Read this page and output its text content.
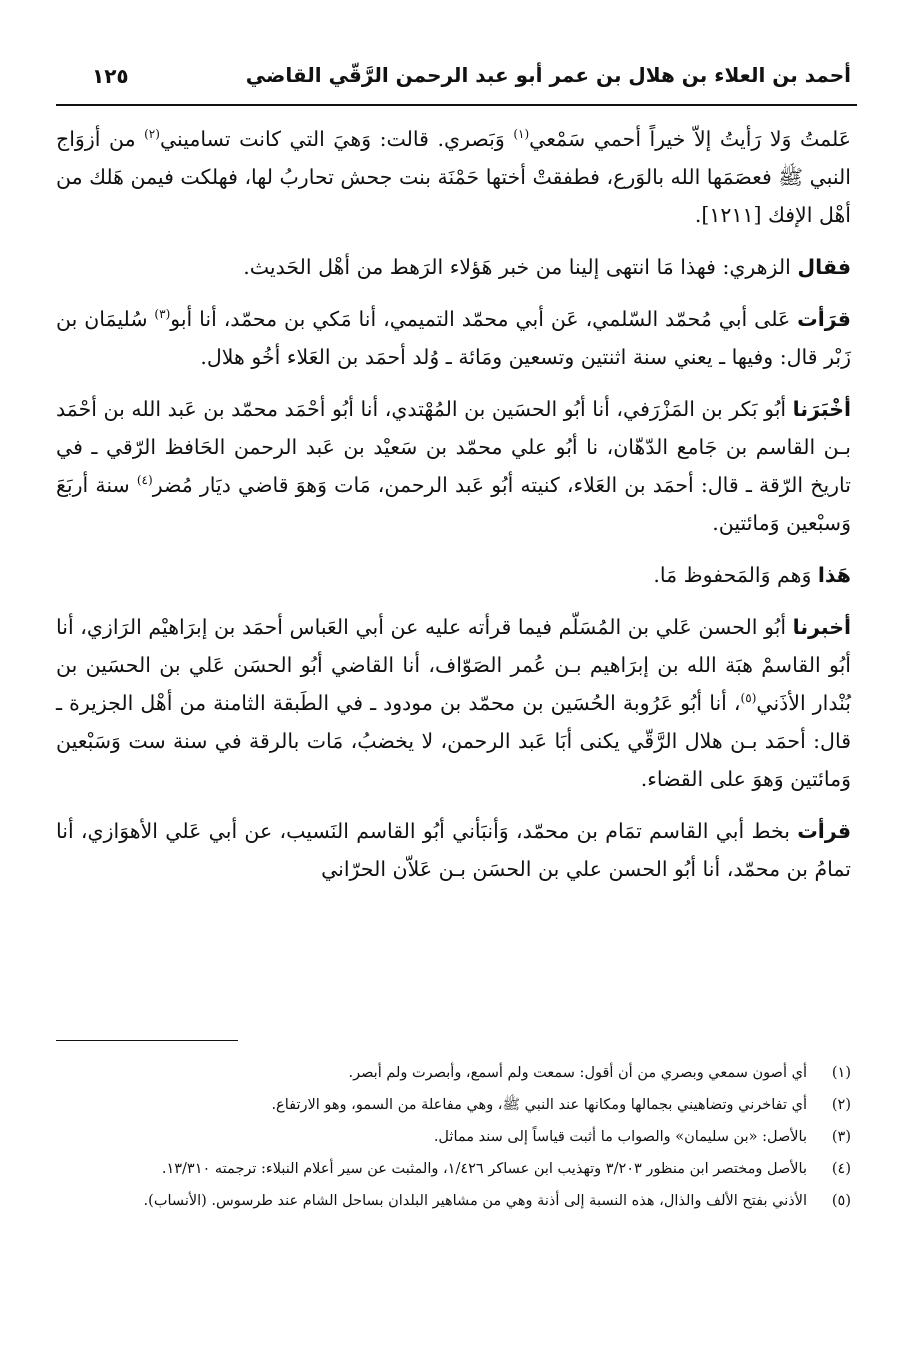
أحمد بن العلاء بن هلال بن عمر أبو عبد الرحمن الرَّقّي القاضي
١٢٥

عَلمتُ وَلا رَأيتُ إلاّ خيراً أحمي سَمْعي$^{(١)}$ وَبَصري. قالت: وَهيَ التي كانت تساميني$^{(٢)}$ من أزوَاج النبي ﷺ فعصَمَها الله بالوَرع، فطفقتْ أختها حَمْنَة بنت جحش تحاربُ لها، فهلكت فيمن هَلك من أهْل الإفك [١٢١١].

فقال الزهري: فهذا مَا انتهى إلينا من خبر هَؤلاء الرَهط من أهْل الحَديث.

قرَأت عَلى أبي مُحمّد السّلمي، عَن أبي محمّد التميمي، أنا مَكي بن محمّد، أنا أبو$^{(٣)}$ سُليمَان بن زَبْر قال: وفيها ـ يعني سنة اثنتين وتسعين ومَائة ـ وُلد أحمَد بن العَلاء أخُو هلال.

أخْبَرَنا أبُو بَكر بن المَزْرَفي، أنا أبُو الحسَين بن المُهْتدي، أنا أبُو أحْمَد محمّد بن عَبد الله بن أحْمَد بـن القاسم بن جَامع الدّهّان، نا أبُو علي محمّد بن سَعيْد بن عَبد الرحمن الحَافظ الرّقي ـ في تاريخ الرّقة ـ قال: أحمَد بن العَلاء، كنيته أبُو عَبد الرحمن، مَات وَهوَ قاضي ديَار مُضر$^{(٤)}$ سنة أربَعَ وَسبْعين وَمائتين.

هَذا وَهم وَالمَحفوظ مَا.

أخبرنا أبُو الحسن عَلي بن المُسَلّم فيما قرأته عليه عن أبي العَباس أحمَد بن إبرَاهيْم الرَازي، أنا أبُو القاسمْ هبَة الله بن إبرَاهيم بـن عُمر الصَوّاف، أنا القاضي أبُو الحسَن عَلي بن الحسَين بن بُنْدار الأذَني$^{(٥)}$، أنا أبُو عَرُوبة الحُسَين بن محمّد بن مودود ـ في الطَبقة الثامنة من أهْل الجزيرة ـ قال: أحمَد بـن هلال الرَّقّي يكنى أبَا عَبد الرحمن، لا يخضبُ، مَات بالرقة في سنة ست وَسَبْعين وَمائتين وَهوَ على القضاء.

قرأت بخط أبي القاسم تمَام بن محمّد، وَأنبَأني أبُو القاسم النَسيب، عن أبي عَلي الأهوَازي، أنا تمامُ بن محمّد، أنا أبُو الحسن علي بن الحسَن بـن عَلاّن الحرّاني

(١)
أي أصون سمعي وبصري من أن أقول: سمعت ولم أسمع، وأبصرت ولم أبصر.
(٢)
أي تفاخرني وتضاهيني بجمالها ومكانها عند النبي ﷺ، وهي مفاعلة من السمو، وهو الارتفاع.
(٣)
بالأصل: «بن سليمان» والصواب ما أثبت قياساً إلى سند مماثل.
(٤)
بالأصل ومختصر ابن منظور ٣/٢٠٣ وتهذيب ابن عساكر ١/٤٢٦، والمثبت عن سير أعلام النبلاء: ترجمته ١٣/٣١٠.
(٥)
الأذني بفتح الألف والذال، هذه النسبة إلى أذنة وهي من مشاهير البلدان بساحل الشام عند طرسوس. (الأنساب).
